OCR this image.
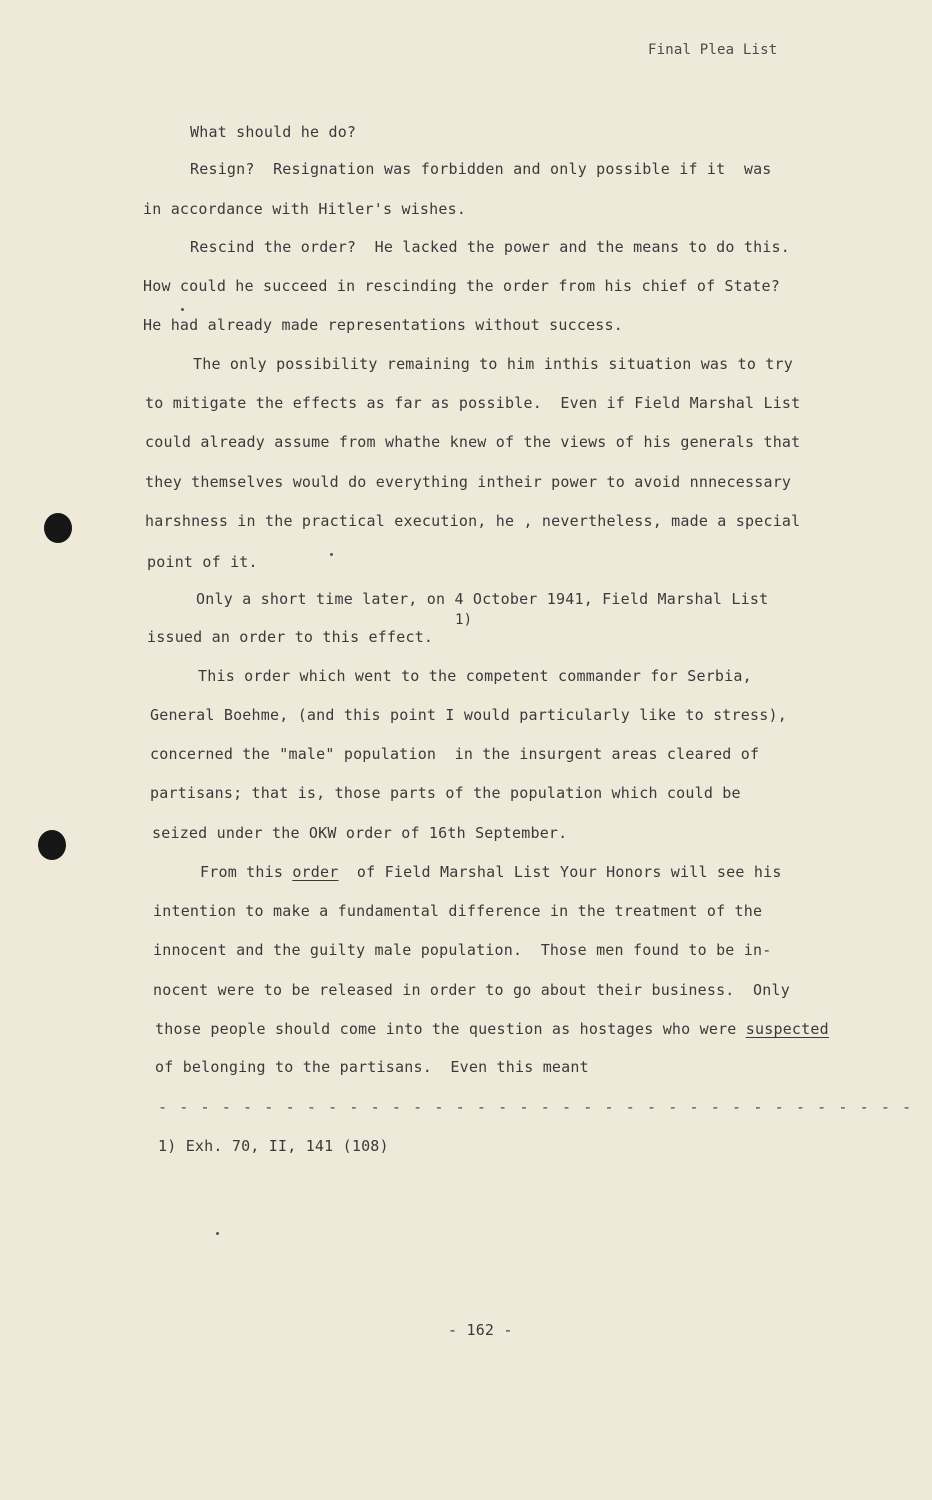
Final Plea List
What should he do?
Resign?  Resignation was forbidden and only possible if it  was
in accordance with Hitler's wishes.
Rescind the order?  He lacked the power and the means to do this.
How could he succeed in rescinding the order from his chief of State?
He had already made representations without success.
The only possibility remaining to him inthis situation was to try
to mitigate the effects as far as possible.  Even if Field Marshal List
could already assume from whathe knew of the views of his generals that
they themselves would do everything intheir power to avoid nnnecessary
harshness in the practical execution, he , nevertheless, made a special
point of it.
Only a short time later, on 4 October 1941, Field Marshal List
1)
issued an order to this effect.
This order which went to the competent commander for Serbia,
General Boehme, (and this point I would particularly like to stress),
concerned the "male" population  in the insurgent areas cleared of
partisans; that is, those parts of the population which could be
seized under the OKW order of 16th September.
From this order  of Field Marshal List Your Honors will see his
intention to make a fundamental difference in the treatment of the
innocent and the guilty male population.  Those men found to be in-
nocent were to be released in order to go about their business.  Only
those people should come into the question as hostages who were suspected
of belonging to the partisans.  Even this meant
- - - - - - - - - - - - - - - - - - - - - - - - - - - - - - - - - - - -
1) Exh. 70, II, 141 (108)
- 162 -
